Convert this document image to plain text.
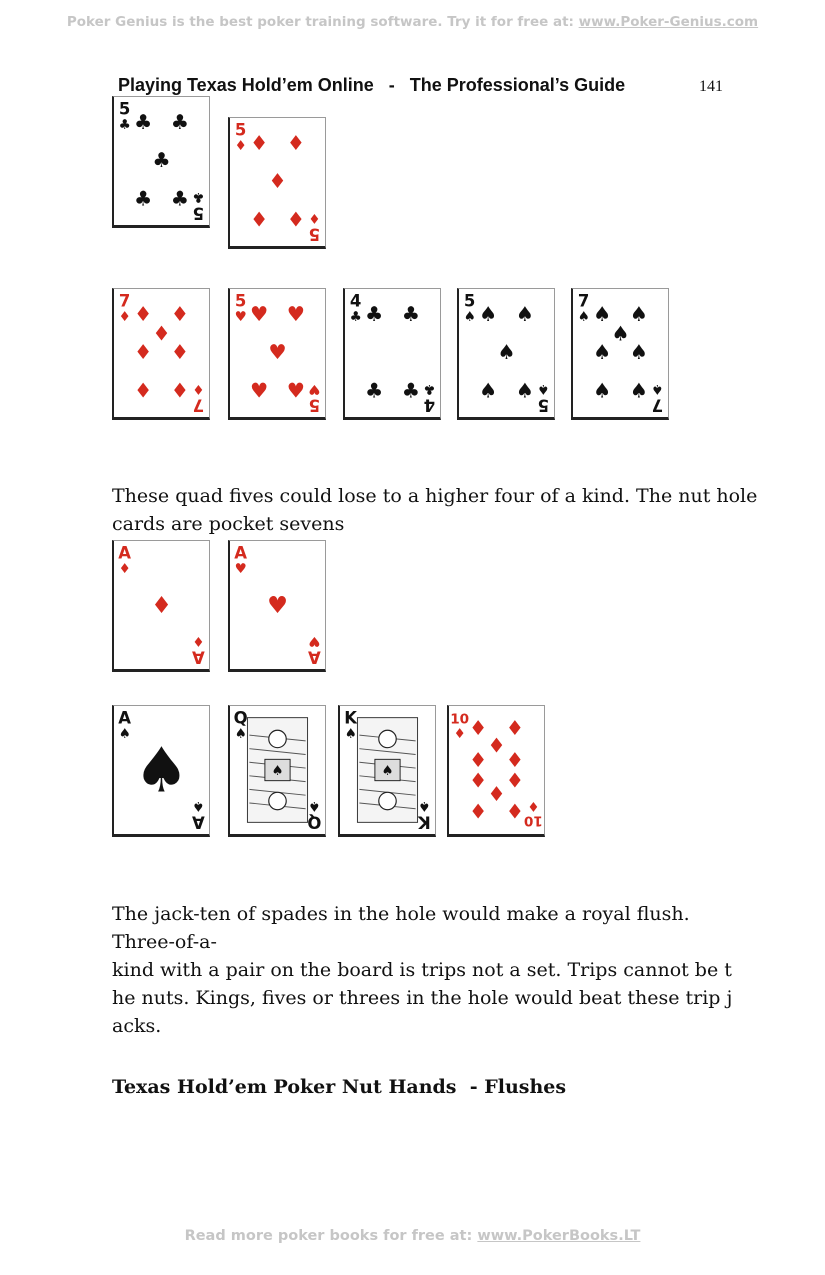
Poker Genius is the best poker training software. Try it for free at: www.Poker-Genius.com
Playing Texas Hold’em Online   -   The Professional’s Guide	141
5
♣
5
♣
♣ ♣
♣
♣ ♣
5
♦
5
♦
♦ ♦
♦
♦ ♦
7
♦
7
♦
♦ ♦
♦
♦ ♦
♦ ♦
5
♥
5
♥
♥ ♥
♥
♥ ♥
4
♣
4
♣
♣ ♣
♣ ♣
5
♠
5
♠
♠ ♠
♠
♠ ♠
7
♠
7
♠
♠ ♠
♠
♠ ♠
♠ ♠
These quad fives could lose to a higher four of a kind. The nut hole
cards are pocket sevens
A
♦
A
♦
♦
A
♥
A
♥
♥
A
♠
A
♠
♠
Q
♠
Q
♠
♠
K
♠
K
♠
♠
10
♦
10
♦
♦ ♦
♦
♦ ♦
♦ ♦
♦
♦ ♦
The jack-ten of spades in the hole would make a royal flush.
Three-of-a-
kind with a pair on the board is trips not a set. Trips cannot be t
he nuts. Kings, fives or threes in the hole would beat these trip j
acks.
Texas Hold’em Poker Nut Hands  - Flushes
Read more poker books for free at: www.PokerBooks.LT
